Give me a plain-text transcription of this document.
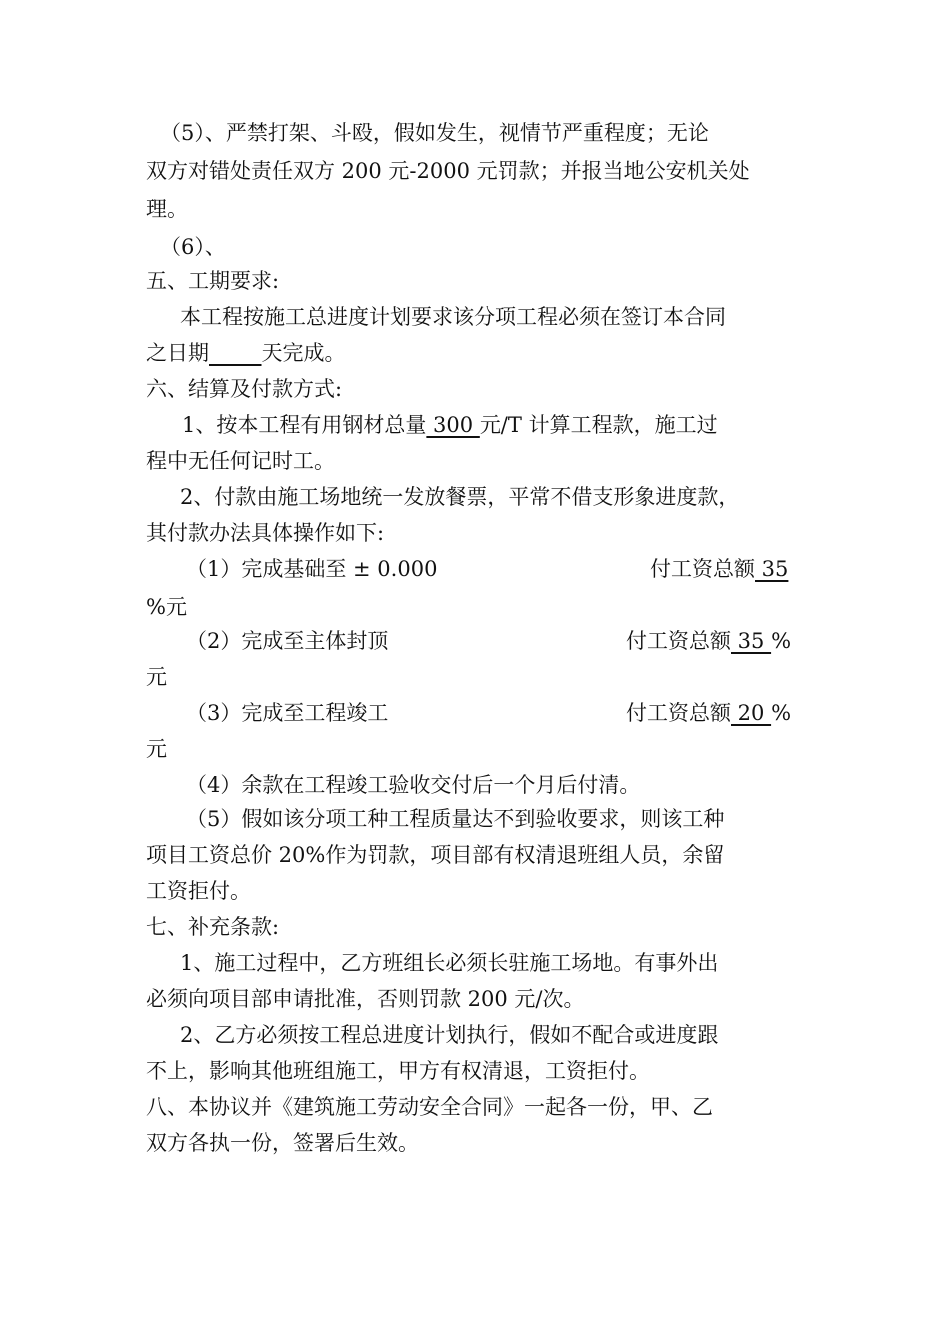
（5）、严禁打架、斗殴，假如发生，视情节严重程度；无论
双方对错处责任双方 200 元-2000 元罚款；并报当地公安机关处
理。
（6）、
五、工期要求:
本工程按施工总进度计划要求该分项工程必须在签订本合同
之日期_____天完成。
六、结算及付款方式:
1、按本工程有用钢材总量 300 元/T 计算工程款，施工过
程中无任何记时工。
2、付款由施工场地统一发放餐票，平常不借支形象进度款，
其付款办法具体操作如下:
（1）完成基础至 ± 0.000	付工资总额 35
%元
（2）完成至主体封顶	付工资总额 35 %
元
（3）完成至工程竣工	付工资总额 20 %
元
（4）余款在工程竣工验收交付后一个月后付清。
（5）假如该分项工种工程质量达不到验收要求，则该工种
项目工资总价 20%作为罚款，项目部有权清退班组人员，余留
工资拒付。
七、补充条款:
1、施工过程中，乙方班组长必须长驻施工场地。有事外出
必须向项目部申请批准，否则罚款 200 元/次。
2、乙方必须按工程总进度计划执行，假如不配合或进度跟
不上，影响其他班组施工，甲方有权清退，工资拒付。
八、本协议并《建筑施工劳动安全合同》一起各一份，甲、乙
双方各执一份，签署后生效。
